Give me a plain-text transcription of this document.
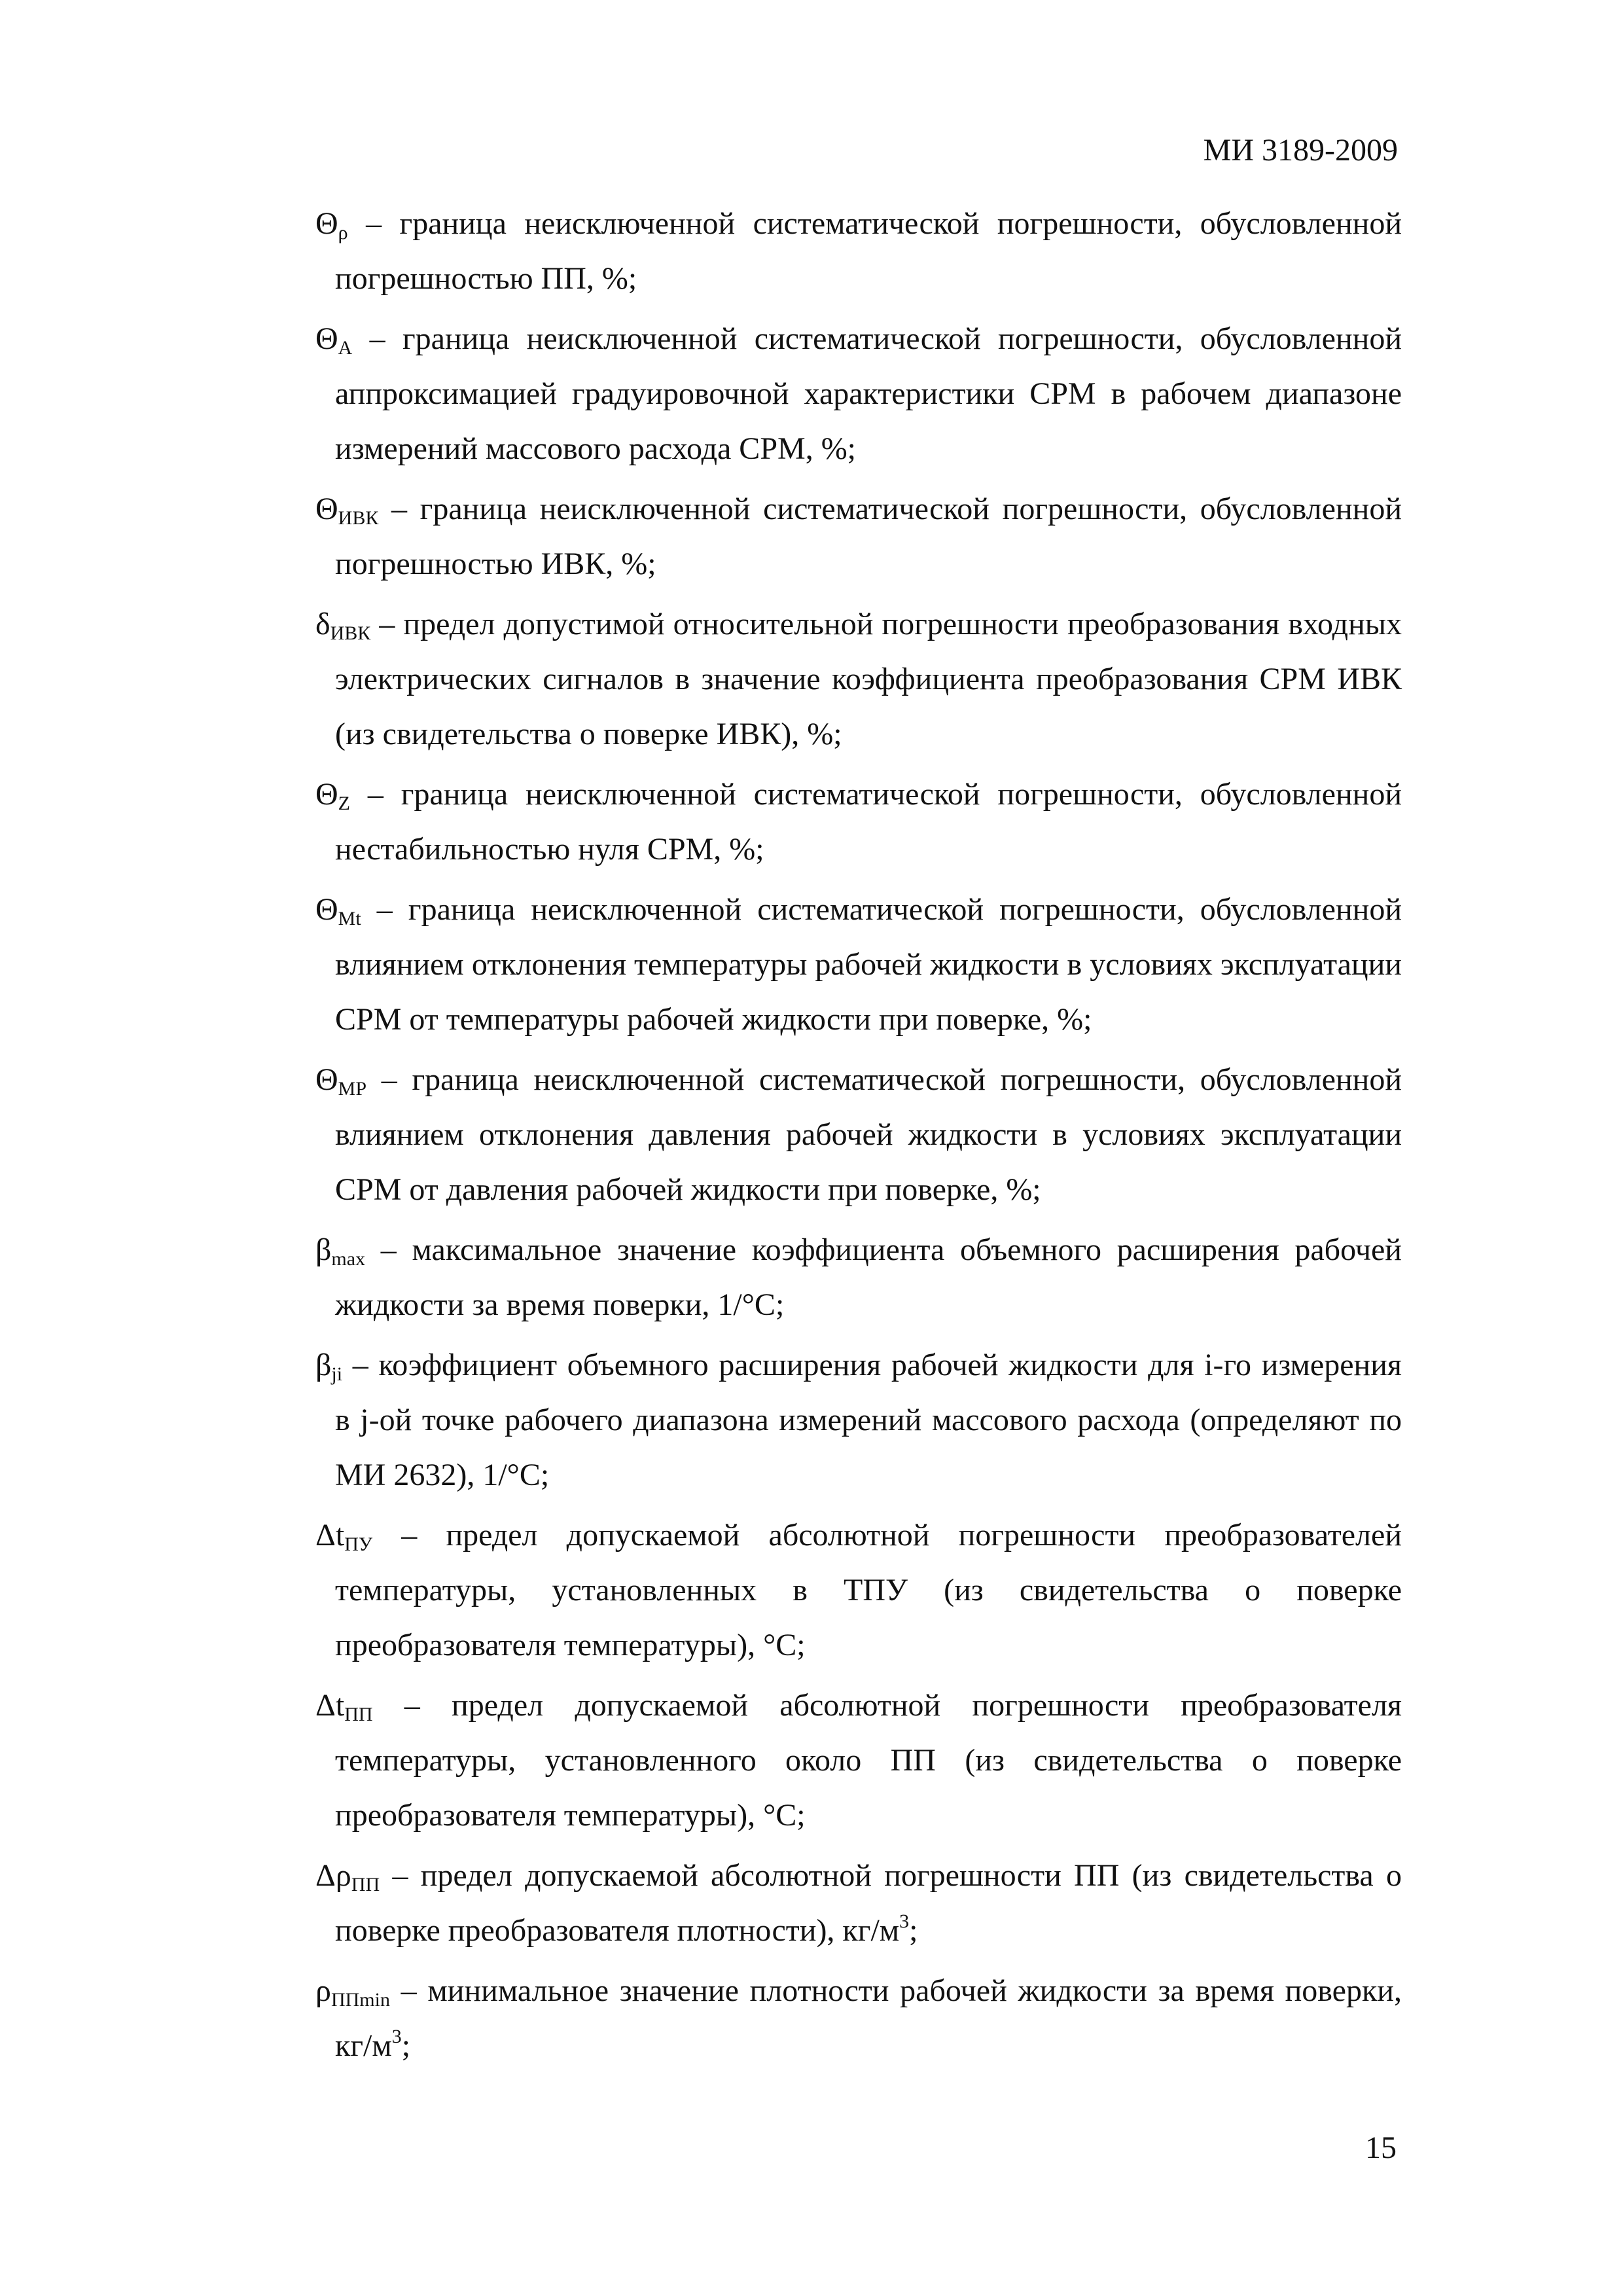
МИ 3189-2009

$\Theta_\rho$ – граница неисключенной систематической погрешности, обусловленной погрешностью ПП, %;

$\Theta_A$ – граница неисключенной систематической погрешности, обусловленной аппроксимацией градуировочной характеристики СРМ в рабочем диапазоне измерений массового расхода СРМ, %;

$\Theta_{ИВК}$ – граница неисключенной систематической погрешности, обусловленной погрешностью ИВК, %;

$\delta_{ИВК}$ – предел допустимой относительной погрешности преобразования входных электрических сигналов в значение коэффициента преобразования СРМ ИВК (из свидетельства о поверке ИВК), %;

$\Theta_Z$ – граница неисключенной систематической погрешности, обусловленной нестабильностью нуля СРМ, %;

$\Theta_{Mt}$ – граница неисключенной систематической погрешности, обусловленной влиянием отклонения температуры рабочей жидкости в условиях эксплуатации СРМ от температуры рабочей жидкости при поверке, %;

$\Theta_{MP}$ – граница неисключенной систематической погрешности, обусловленной влиянием отклонения давления рабочей жидкости в условиях эксплуатации СРМ от давления рабочей жидкости при поверке, %;

$\beta_{max}$ – максимальное значение коэффициента объемного расширения рабочей жидкости за время поверки, 1/°C;

$\beta_{ji}$ – коэффициент объемного расширения рабочей жидкости для i-го измерения в j-ой точке рабочего диапазона измерений массового расхода (определяют по МИ 2632), 1/°C;

$\Delta t_{ПУ}$ – предел допускаемой абсолютной погрешности преобразователей температуры, установленных в ТПУ (из свидетельства о поверке преобразователя температуры), °C;

$\Delta t_{ПП}$ – предел допускаемой абсолютной погрешности преобразователя температуры, установленного около ПП (из свидетельства о поверке преобразователя температуры), °C;

$\Delta\rho_{ПП}$ – предел допускаемой абсолютной погрешности ПП (из свидетельства о поверке преобразователя плотности), $кг/м^3$;

$\rho_{ППmin}$ – минимальное значение плотности рабочей жидкости за время поверки, $кг/м^3$;

15
